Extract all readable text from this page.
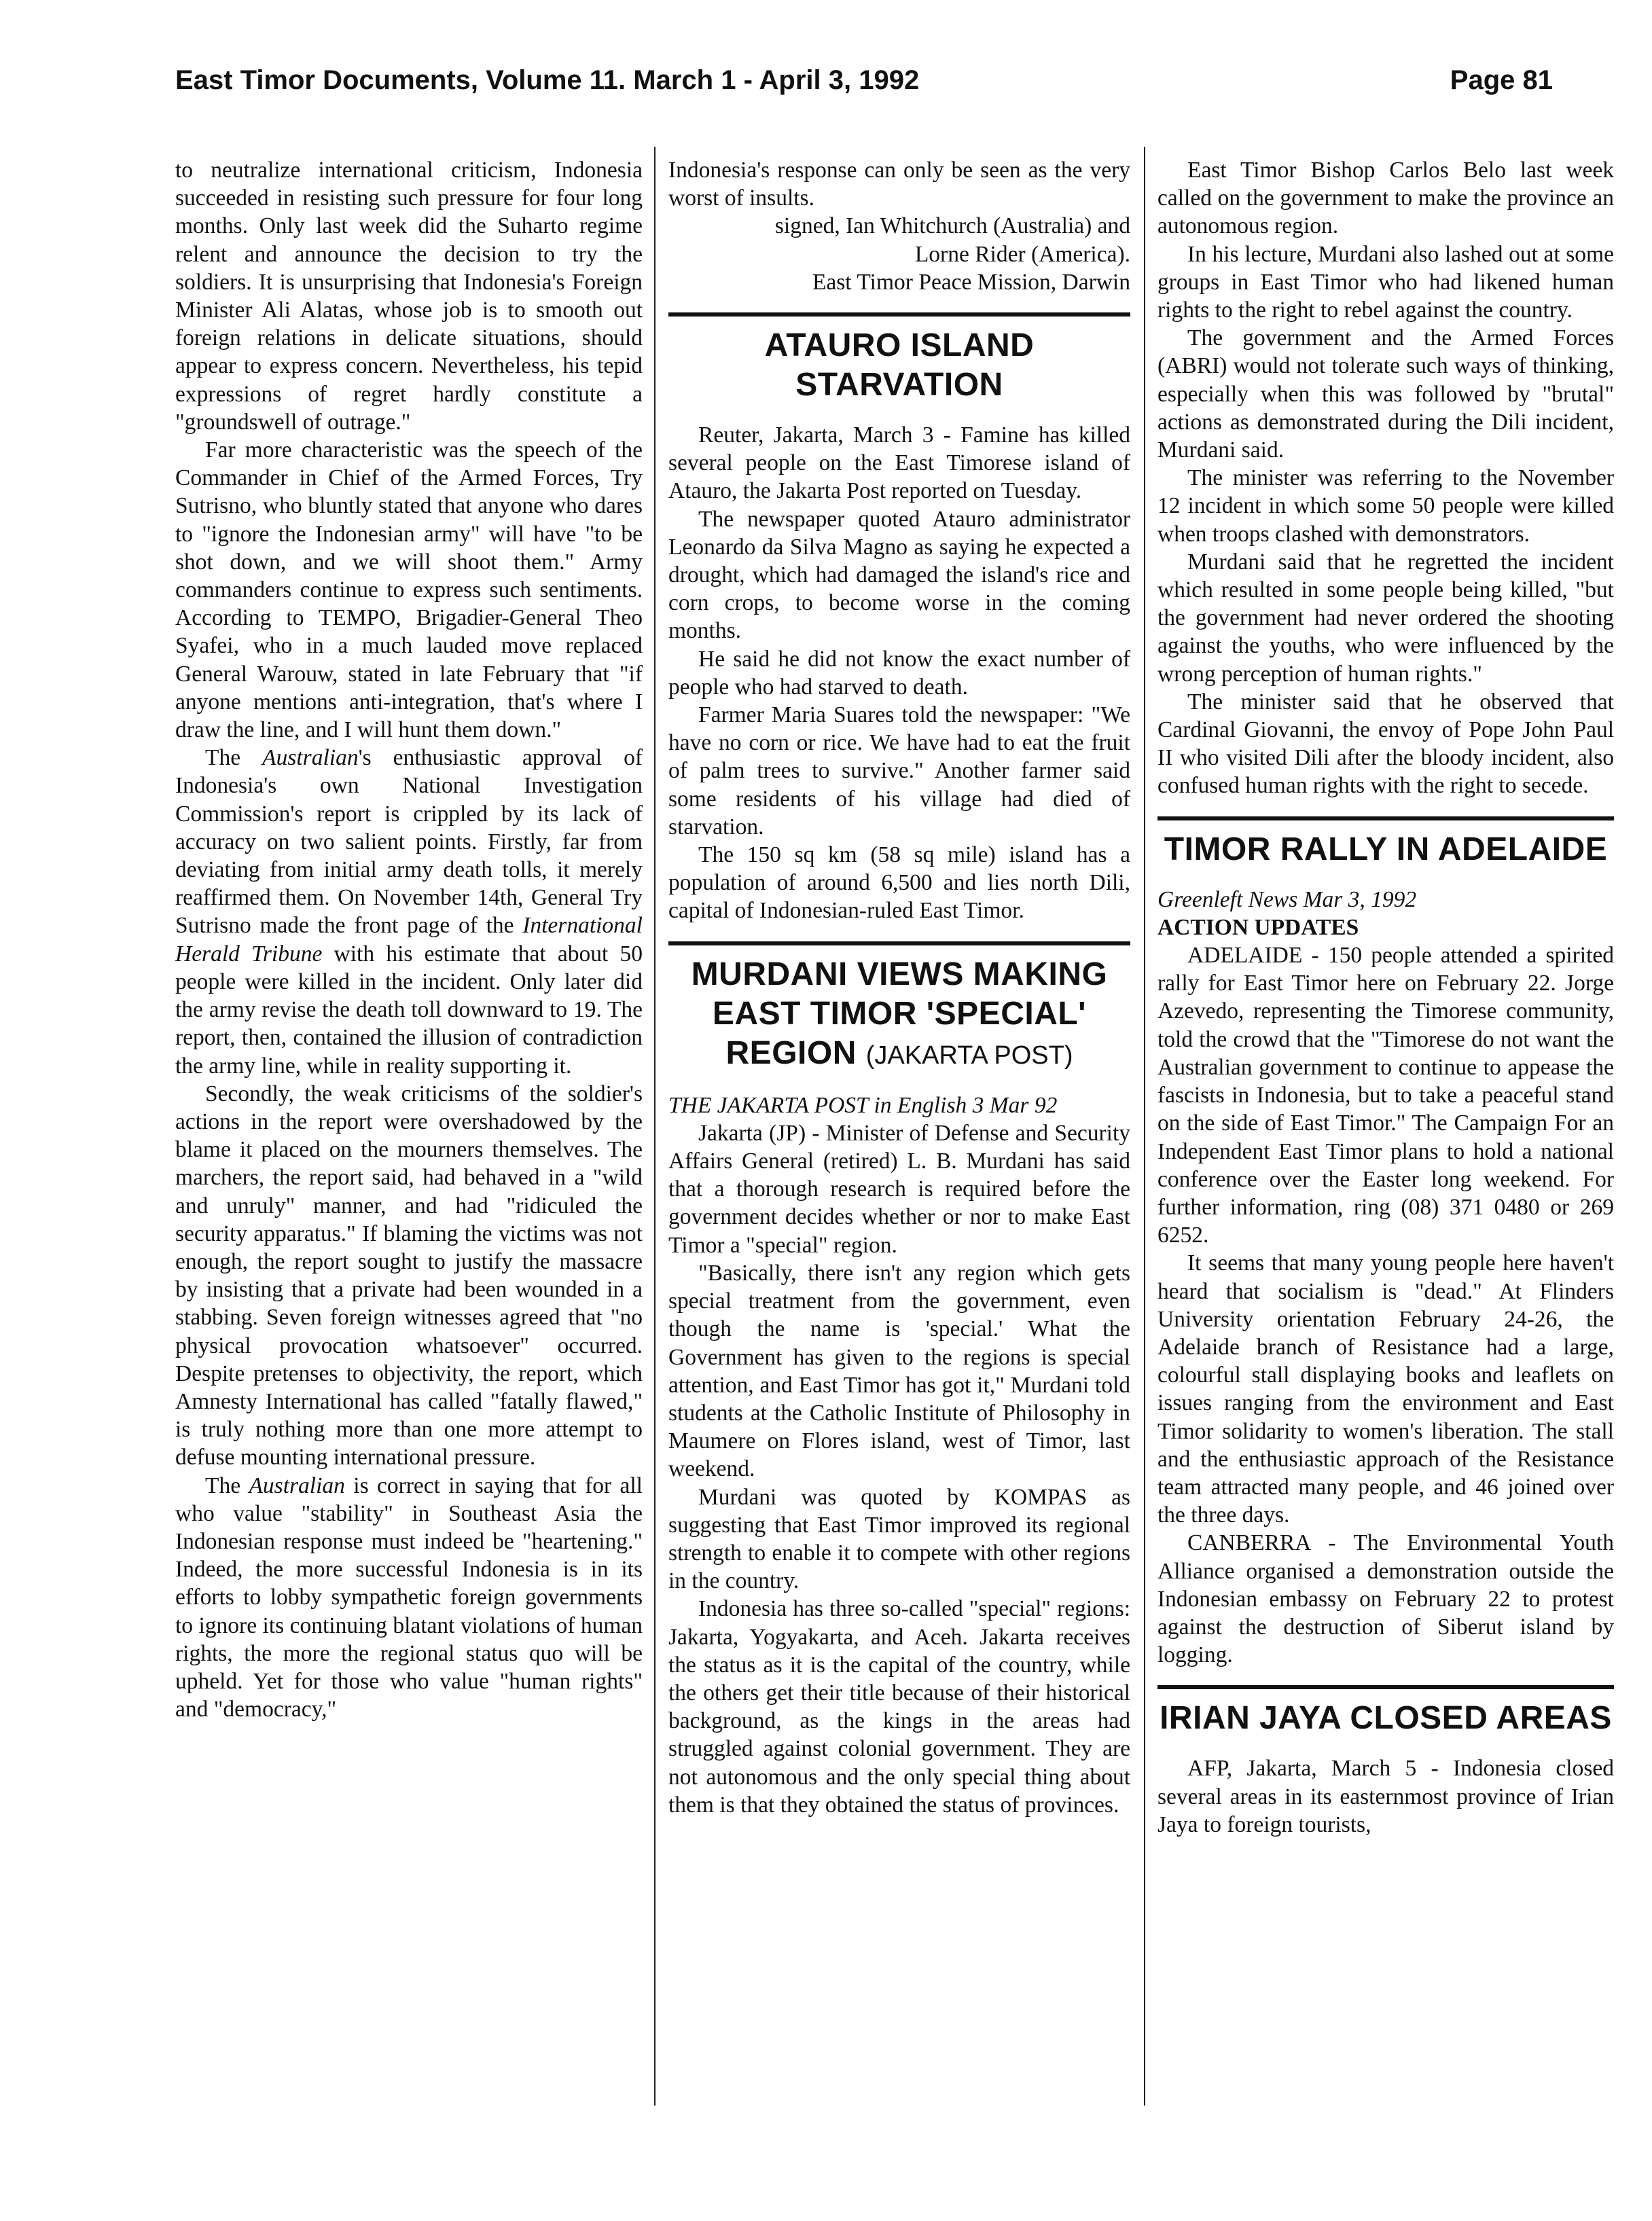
East Timor Documents, Volume 11. March 1 - April 3, 1992	Page 81

to neutralize international criticism, Indonesia succeeded in resisting such pressure for four long months. Only last week did the Suharto regime relent and announce the decision to try the soldiers. It is unsurprising that Indonesia's Foreign Minister Ali Alatas, whose job is to smooth out foreign relations in delicate situations, should appear to express concern. Nevertheless, his tepid expressions of regret hardly constitute a "groundswell of outrage."

Far more characteristic was the speech of the Commander in Chief of the Armed Forces, Try Sutrisno, who bluntly stated that anyone who dares to "ignore the Indonesian army" will have "to be shot down, and we will shoot them." Army commanders continue to express such sentiments. According to TEMPO, Brigadier-General Theo Syafei, who in a much lauded move replaced General Warouw, stated in late February that "if anyone mentions anti-integration, that's where I draw the line, and I will hunt them down."

The Australian's enthusiastic approval of Indonesia's own National Investigation Commission's report is crippled by its lack of accuracy on two salient points. Firstly, far from deviating from initial army death tolls, it merely reaffirmed them. On November 14th, General Try Sutrisno made the front page of the International Herald Tribune with his estimate that about 50 people were killed in the incident. Only later did the army revise the death toll downward to 19. The report, then, contained the illusion of contradiction the army line, while in reality supporting it.

Secondly, the weak criticisms of the soldier's actions in the report were overshadowed by the blame it placed on the mourners themselves. The marchers, the report said, had behaved in a "wild and unruly" manner, and had "ridiculed the security apparatus." If blaming the victims was not enough, the report sought to justify the massacre by insisting that a private had been wounded in a stabbing. Seven foreign witnesses agreed that "no physical provocation whatsoever" occurred. Despite pretenses to objectivity, the report, which Amnesty International has called "fatally flawed," is truly nothing more than one more attempt to defuse mounting international pressure.

The Australian is correct in saying that for all who value "stability" in Southeast Asia the Indonesian response must indeed be "heartening." Indeed, the more successful Indonesia is in its efforts to lobby sympathetic foreign governments to ignore its continuing blatant violations of human rights, the more the regional status quo will be upheld. Yet for those who value "human rights" and "democracy,"

Indonesia's response can only be seen as the very worst of insults.

signed, Ian Whitchurch (Australia) and

Lorne Rider (America).

East Timor Peace Mission, Darwin

ATAURO ISLAND STARVATION

Reuter, Jakarta, March 3 - Famine has killed several people on the East Timorese island of Atauro, the Jakarta Post reported on Tuesday.

The newspaper quoted Atauro administrator Leonardo da Silva Magno as saying he expected a drought, which had damaged the island's rice and corn crops, to become worse in the coming months.

He said he did not know the exact number of people who had starved to death.

Farmer Maria Suares told the newspaper: "We have no corn or rice. We have had to eat the fruit of palm trees to survive." Another farmer said some residents of his village had died of starvation.

The 150 sq km (58 sq mile) island has a population of around 6,500 and lies north Dili, capital of Indonesian-ruled East Timor.

MURDANI VIEWS MAKING EAST TIMOR 'SPECIAL' REGION (JAKARTA POST)

THE JAKARTA POST in English 3 Mar 92

Jakarta (JP) - Minister of Defense and Security Affairs General (retired) L. B. Murdani has said that a thorough research is required before the government decides whether or nor to make East Timor a "special" region.

"Basically, there isn't any region which gets special treatment from the government, even though the name is 'special.' What the Government has given to the regions is special attention, and East Timor has got it," Murdani told students at the Catholic Institute of Philosophy in Maumere on Flores island, west of Timor, last weekend.

Murdani was quoted by KOMPAS as suggesting that East Timor improved its regional strength to enable it to compete with other regions in the country.

Indonesia has three so-called "special" regions: Jakarta, Yogyakarta, and Aceh. Jakarta receives the status as it is the capital of the country, while the others get their title because of their historical background, as the kings in the areas had struggled against colonial government. They are not autonomous and the only special thing about them is that they obtained the status of provinces.

East Timor Bishop Carlos Belo last week called on the government to make the province an autonomous region.

In his lecture, Murdani also lashed out at some groups in East Timor who had likened human rights to the right to rebel against the country.

The government and the Armed Forces (ABRI) would not tolerate such ways of thinking, especially when this was followed by "brutal" actions as demonstrated during the Dili incident, Murdani said.

The minister was referring to the November 12 incident in which some 50 people were killed when troops clashed with demonstrators.

Murdani said that he regretted the incident which resulted in some people being killed, "but the government had never ordered the shooting against the youths, who were influenced by the wrong perception of human rights."

The minister said that he observed that Cardinal Giovanni, the envoy of Pope John Paul II who visited Dili after the bloody incident, also confused human rights with the right to secede.

TIMOR RALLY IN ADELAIDE

Greenleft News Mar 3, 1992

ACTION UPDATES

ADELAIDE - 150 people attended a spirited rally for East Timor here on February 22. Jorge Azevedo, representing the Timorese community, told the crowd that the "Timorese do not want the Australian government to continue to appease the fascists in Indonesia, but to take a peaceful stand on the side of East Timor." The Campaign For an Independent East Timor plans to hold a national conference over the Easter long weekend. For further information, ring (08) 371 0480 or 269 6252.

It seems that many young people here haven't heard that socialism is "dead." At Flinders University orientation February 24-26, the Adelaide branch of Resistance had a large, colourful stall displaying books and leaflets on issues ranging from the environment and East Timor solidarity to women's liberation. The stall and the enthusiastic approach of the Resistance team attracted many people, and 46 joined over the three days.

CANBERRA - The Environmental Youth Alliance organised a demonstration outside the Indonesian embassy on February 22 to protest against the destruction of Siberut island by logging.

IRIAN JAYA CLOSED AREAS

AFP, Jakarta, March 5 - Indonesia closed several areas in its easternmost province of Irian Jaya to foreign tourists,
